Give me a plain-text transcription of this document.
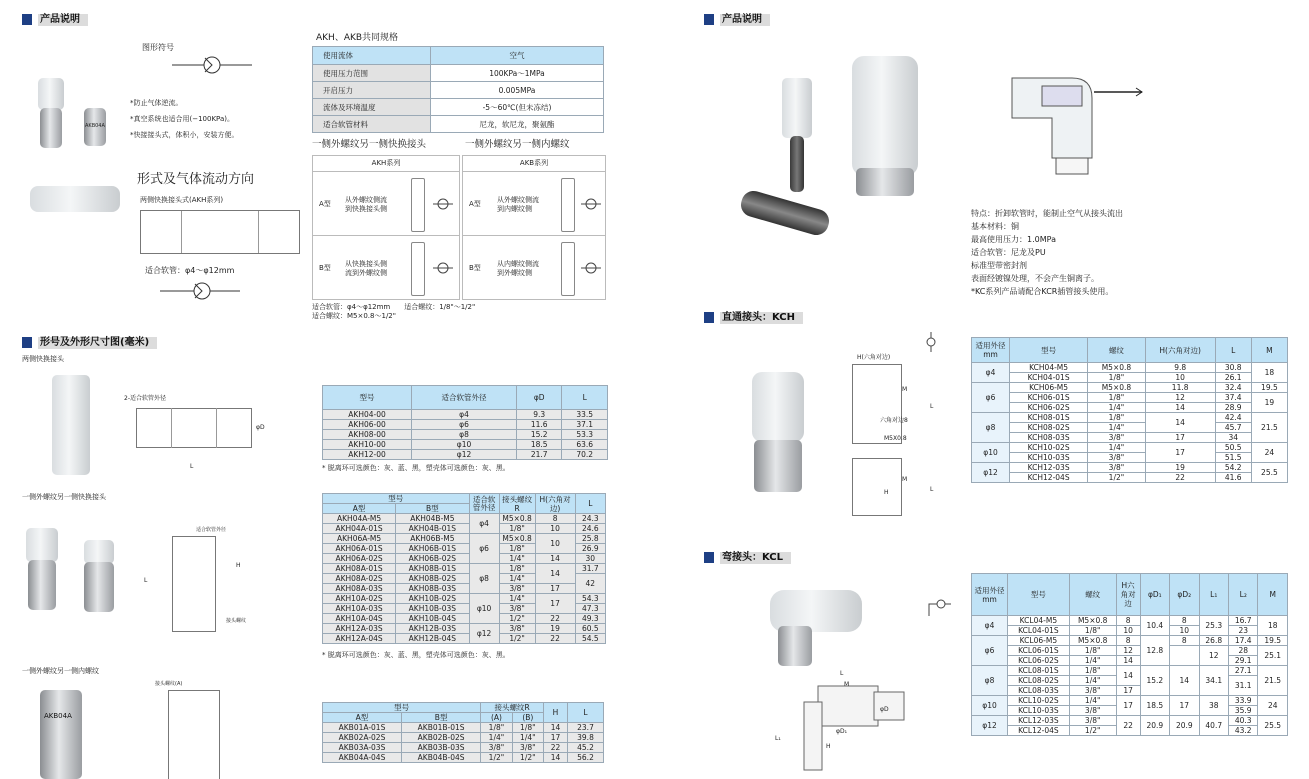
产品说明
图形符号
AKB04A
*防止气体逆流。
*真空系统也适合用(−100KPa)。
*快接接头式，体积小，安装方便。
形式及气体流动方向
两侧快换接头式(AKH系列)
适合软管：φ4～φ12mm
AKH、AKB共同规格
使用流体	空气
使用压力范围	100KPa～1MPa
开启压力	0.005MPa
流体及环境温度	-5～60℃(但未冻结)
适合软管材料	尼龙，软尼龙，聚氨酯
一侧外螺纹另一侧快换接头	一侧外螺纹另一侧内螺纹
AKH系列
A型 从外螺纹侧流
到快换接头侧
B型 从快换接头侧
流到外螺纹侧
AKB系列
A型 从外螺纹侧流
到内螺纹侧
B型 从内螺纹侧流
到外螺纹侧
适合软管：φ4～φ12mm　　适合螺纹：1/8"～1/2"
适合螺纹：M5×0.8～1/2"
形号及外形尺寸图(毫米)
两侧快换接头
2-适合软管外径
φD
L
一侧外螺纹另一侧快换接头
适合软管外径
H
L
接头螺纹
一侧外螺纹另一侧内螺纹
AKB04A
接头螺纹(A)
型号	适合软管外径	φD	L
AKH04-00	φ4	9.3	33.5
AKH06-00	φ6	11.6	37.1
AKH08-00	φ8	15.2	53.3
AKH10-00	φ10	18.5	63.6
AKH12-00	φ12	21.7	70.2
* 脱离环可选颜色：灰、蓝、黑，塑壳体可选颜色：灰、黑。
型号		适合软管外径	接头螺纹R	H(六角对边)	L
A型	B型				
AKH04A-M5	AKH04B-M5	φ4	M5×0.8	8	24.3
AKH04A-01S	AKH04B-01S		1/8"	10	24.6
AKH06A-M5	AKH06B-M5	φ6	M5×0.8	10	25.8
AKH06A-01S	AKH06B-01S		1/8"		26.9
AKH06A-02S	AKH06B-02S		1/4"	14	30
AKH08A-01S	AKH08B-01S	φ8	1/8"	14	31.7
AKH08A-02S	AKH08B-02S		1/4"		42
AKH08A-03S	AKH08B-03S		3/8"	17	
AKH10A-02S	AKH10B-02S	φ10	1/4"	17	54.3
AKH10A-03S	AKH10B-03S		3/8"		47.3
AKH10A-04S	AKH10B-04S		1/2"	22	49.3
AKH12A-03S	AKH12B-03S	φ12	3/8"	19	60.5
AKH12A-04S	AKH12B-04S		1/2"	22	54.5
* 脱离环可选颜色：灰、蓝、黑，塑壳体可选颜色：灰、黑。
型号		接头螺纹R		H	L
A型	B型	(A)	(B)		
AKB01A-01S	AKB01B-01S	1/8"	1/8"	14	23.7
AKB02A-02S	AKB02B-02S	1/4"	1/4"	17	39.8
AKB03A-03S	AKB03B-03S	3/8"	3/8"	22	45.2
AKB04A-04S	AKB04B-04S	1/2"	1/2"	14	56.2
产品说明
特点：折卸软管时，能制止空气从接头流出
基本材料：铜
最高使用压力：1.0MPa
适合软管：尼龙及PU
标准型带密封剂
表面经镀镍处理，不会产生铜离子。
*KC系列产品请配合KCR插管接头使用。
直通接头：KCH
H(六角对边)
六角对边8
M5X0.8
M
L
M
H	L
适用外径mm	型号	螺纹	H(六角对边)	L	M
φ4	KCH04-M5	M5×0.8	9.8	30.8	18
	KCH04-01S	1/8"	10	26.1	
φ6	KCH06-M5	M5×0.8	11.8	32.4	19.5
	KCH06-01S	1/8"	12	37.4	19
	KCH06-02S	1/4"	14	28.9	
φ8	KCH08-01S	1/8"	14	42.4	21.5
	KCH08-02S	1/4"		45.7	
	KCH08-03S	3/8"	17	34	
φ10	KCH10-02S	1/4"	17	50.5	24
	KCH10-03S	3/8"		51.5	
φ12	KCH12-03S	3/8"	19	54.2	25.5
	KCH12-04S	1/2"	22	41.6	
弯接头：KCL
L
M
φD
φD₁
L₁
H
适用外径mm	型号	螺纹	H六角对边	φD₁	φD₂	L₁	L₂	M
φ4	KCL04-M5	M5×0.8	8	10.4	8	25.3	16.7	18
	KCL04-01S	1/8"	10		10		23	
φ6	KCL06-M5	M5×0.8	8	12.8	8	26.8	17.4	19.5
	KCL06-01S	1/8"	12			12	28	25.1
	KCL06-02S	1/4"	14				29.1	
φ8	KCL08-01S	1/8"	14	15.2	14	34.1	27.1	21.5
	KCL08-02S	1/4"					31.1	
	KCL08-03S	3/8"	17					
φ10	KCL10-02S	1/4"	17	18.5	17	38	33.9	24
	KCL10-03S	3/8"					35.9	
φ12	KCL12-03S	3/8"	22	20.9	20.9	40.7	40.3	25.5
	KCL12-04S	1/2"					43.2	
